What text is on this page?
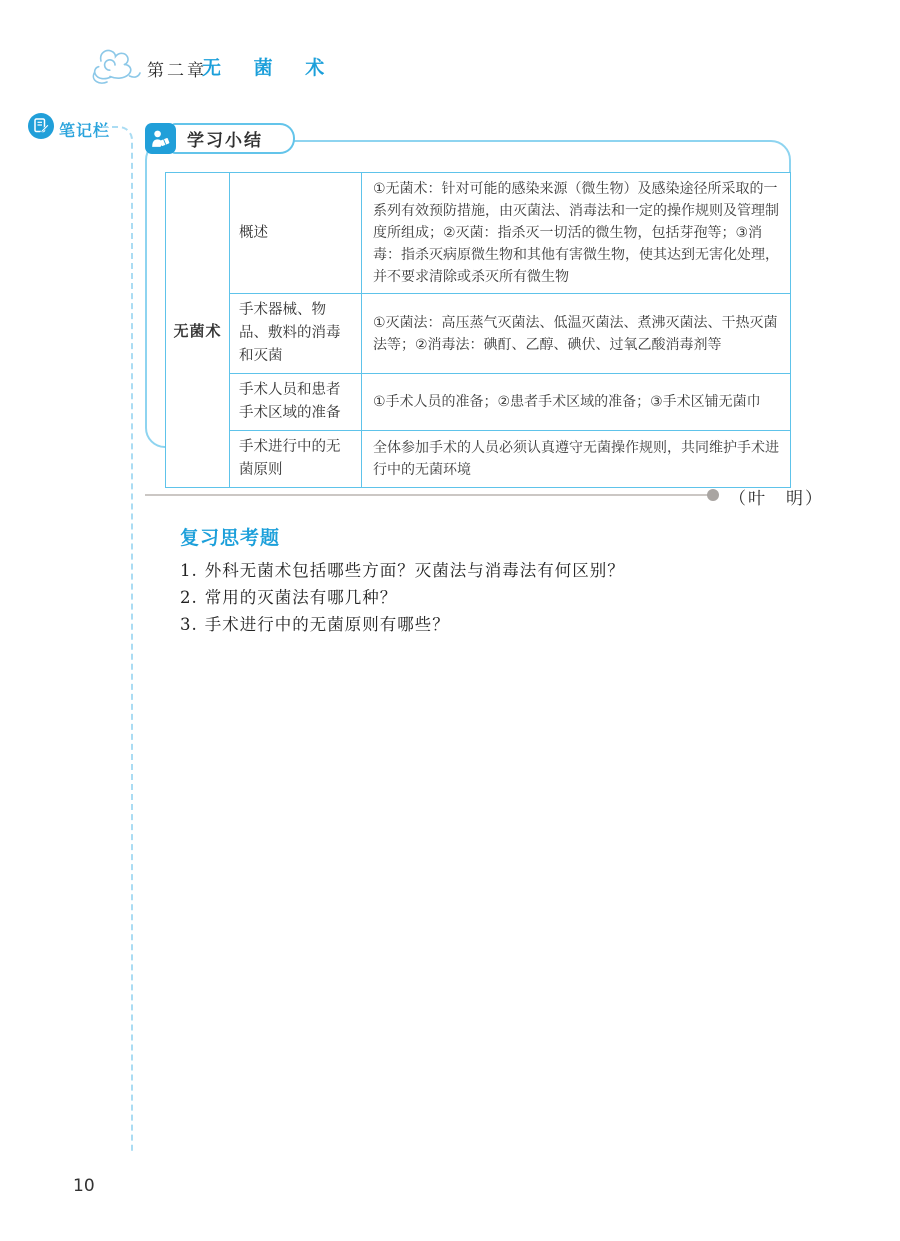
第二章
无 菌 术
笔记栏
学习小结
无菌术	概述	①无菌术：针对可能的感染来源（微生物）及感染途径所采取的一系列有效预防措施，由灭菌法、消毒法和一定的操作规则及管理制度所组成；②灭菌：指杀灭一切活的微生物，包括芽孢等；③消毒：指杀灭病原微生物和其他有害微生物，使其达到无害化处理，并不要求清除或杀灭所有微生物
	手术器械、物品、敷料的消毒和灭菌	①灭菌法：高压蒸气灭菌法、低温灭菌法、煮沸灭菌法、干热灭菌法等；②消毒法：碘酊、乙醇、碘伏、过氧乙酸消毒剂等
	手术人员和患者手术区域的准备	①手术人员的准备；②患者手术区域的准备；③手术区铺无菌巾
	手术进行中的无菌原则	全体参加手术的人员必须认真遵守无菌操作规则，共同维护手术进行中的无菌环境
（叶　明）
复习思考题
1. 外科无菌术包括哪些方面？灭菌法与消毒法有何区别？
2. 常用的灭菌法有哪几种？
3. 手术进行中的无菌原则有哪些？
10
